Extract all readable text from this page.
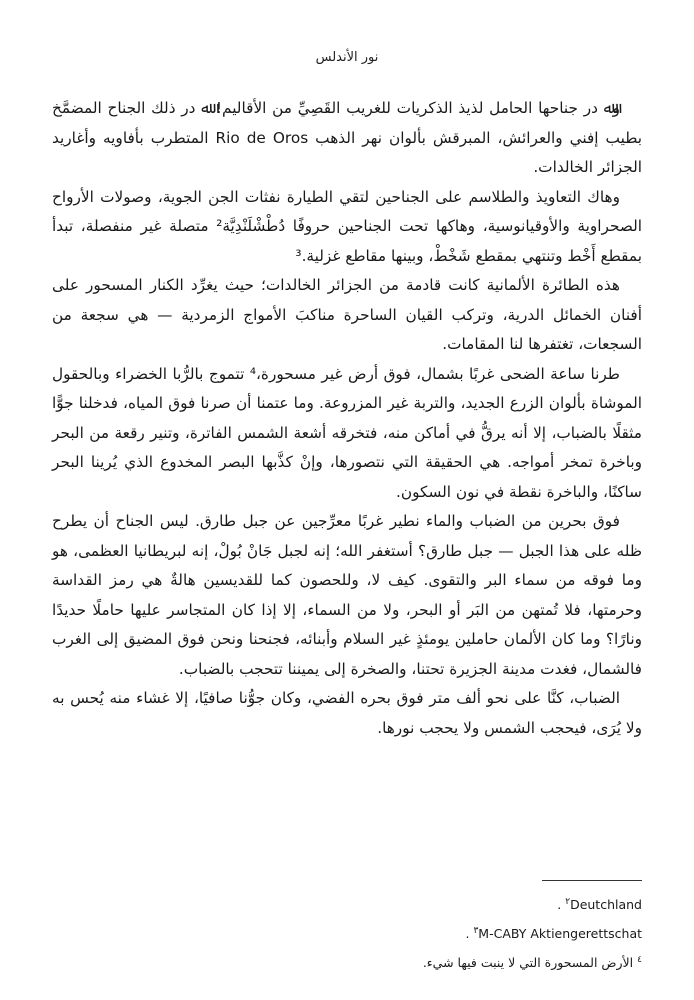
نور الأندلس

وﷲ در جناحها الحامل لذيذ الذكريات للغريب القَصِيِّ من الأقاليم! ﷲ در ذلك الجناح المضمَّخ بطيب إفني والعرائش، المبرقش بألوان نهر الذهب Rio de Oros المتطرب بأفاويه وأغاريد الجزائر الخالدات.

وهاك التعاويذ والطلاسم على الجناحين لتقي الطيارة نفثات الجن الجوية، وصولات الأرواح الصحراوية والأوقيانوسية، وهاكها تحت الجناحين حروفًا دُطْشْلَنْدِيَّة² متصلة غير منفصلة، تبدأ بمقطع أَخْط وتنتهي بمقطع شَخْطْ، وبينها مقاطع غزلية.³

هذه الطائرة الألمانية كانت قادمة من الجزائر الخالدات؛ حيث يغرِّد الكنار المسحور على أفنان الخمائل الدرية، وتركب القيان الساحرة مناكبَ الأمواج الزمردية — هي سجعة من السجعات، تغتفرها لنا المقامات.

طرنا ساعة الضحى غربًا بشمال، فوق أرض غير مسحورة،⁴ تتموج بالرُّبا الخضراء وبالحقول الموشاة بألوان الزرع الجديد، والتربة غير المزروعة. وما عتمنا أن صرنا فوق المياه، فدخلنا جوًّا مثقلًا بالضباب، إلا أنه يرقُّ في أماكن منه، فتخرقه أشعة الشمس الفاترة، وتنير رقعة من البحر وباخرة تمخر أمواجه. هي الحقيقة التي نتصورها، وإنْ كذَّبها البصر المخدوع الذي يُرينا البحر ساكنًا، والباخرة نقطة في نون السكون.

فوق بحرين من الضباب والماء نطير غربًا معرِّجين عن جبل طارق. ليس الجناح أن يطرح ظله على هذا الجبل — جبل طارق؟ أستغفر الله؛ إنه لجبل جَانْ بُولْ، إنه لبريطانيا العظمى، هو وما فوقه من سماء البر والتقوى. كيف لا، وللحصون كما للقديسين هالةٌ هي رمز القداسة وحرمتها، فلا تُمتهن من البَر أو البحر، ولا من السماء، إلا إذا كان المتجاسر عليها حاملًا حديدًا ونارًا؟ وما كان الألمان حاملين يومئذٍ غير السلام وأبنائه، فجنحنا ونحن فوق المضيق إلى الغرب فالشمال، فغدت مدينة الجزيرة تحتنا، والصخرة إلى يميننا تتحجب بالضباب.

الضباب، كنَّا على نحو ألف متر فوق بحره الفضي، وكان جوُّنا صافيًا، إلا غشاء منه يُحس به ولا يُرَى، فيحجب الشمس ولا يحجب نورها.

$^٢$Deutchland.
$^٣$M-CABY Aktiengerettschat.
$^٤$الأرض المسحورة التي لا ينبت فيها شيء.
